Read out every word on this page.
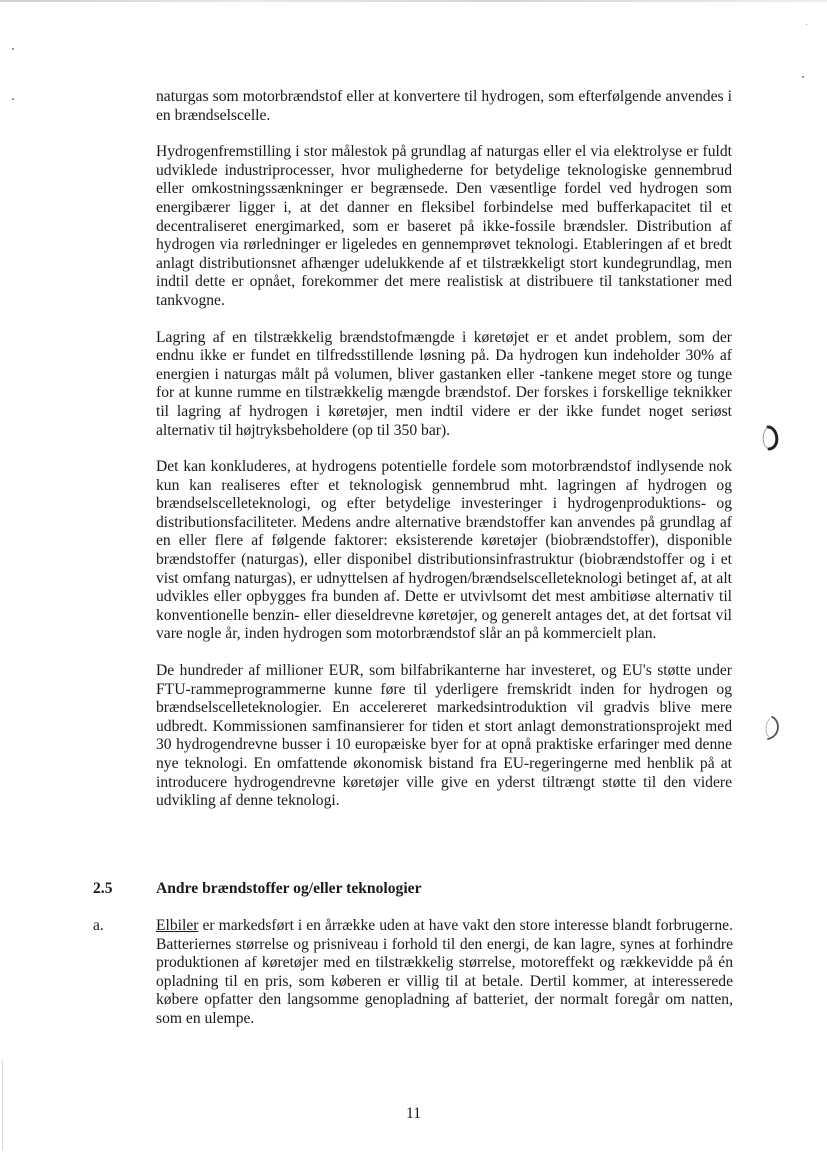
naturgas som motorbrændstof eller at konvertere til hydrogen, som efterfølgende anvendes i en brændselscelle.

Hydrogenfremstilling i stor målestok på grundlag af naturgas eller el via elektrolyse er fuldt udviklede industriprocesser, hvor mulighederne for betydelige teknologiske gennembrud eller omkostningssænkninger er begrænsede. Den væsentlige fordel ved hydrogen som energibærer ligger i, at det danner en fleksibel forbindelse med bufferkapacitet til et decentraliseret energimarked, som er baseret på ikke-fossile brændsler. Distribution af hydrogen via rørledninger er ligeledes en gennemprøvet teknologi. Etableringen af et bredt anlagt distributionsnet afhænger udelukkende af et tilstrækkeligt stort kundegrundlag, men indtil dette er opnået, forekommer det mere realistisk at distribuere til tankstationer med tankvogne.

Lagring af en tilstrækkelig brændstofmængde i køretøjet er et andet problem, som der endnu ikke er fundet en tilfredsstillende løsning på. Da hydrogen kun indeholder 30% af energien i naturgas målt på volumen, bliver gastanken eller -tankene meget store og tunge for at kunne rumme en tilstrækkelig mængde brændstof. Der forskes i forskellige teknikker til lagring af hydrogen i køretøjer, men indtil videre er der ikke fundet noget seriøst alternativ til højtryksbeholdere (op til 350 bar).

Det kan konkluderes, at hydrogens potentielle fordele som motorbrændstof indlysende nok kun kan realiseres efter et teknologisk gennembrud mht. lagringen af hydrogen og brændselscelleteknologi, og efter betydelige investeringer i hydrogenproduktions- og distributionsfaciliteter. Medens andre alternative brændstoffer kan anvendes på grundlag af en eller flere af følgende faktorer: eksisterende køretøjer (biobrændstoffer), disponible brændstoffer (naturgas), eller disponibel distributionsinfrastruktur (biobrændstoffer og i et vist omfang naturgas), er udnyttelsen af hydrogen/brændselscelleteknologi betinget af, at alt udvikles eller opbygges fra bunden af. Dette er utvivlsomt det mest ambitiøse alternativ til konventionelle benzin- eller dieseldrevne køretøjer, og generelt antages det, at det fortsat vil vare nogle år, inden hydrogen som motorbrændstof slår an på kommercielt plan.

De hundreder af millioner EUR, som bilfabrikanterne har investeret, og EU's støtte under FTU-rammeprogrammerne kunne føre til yderligere fremskridt inden for hydrogen og brændselscelleteknologier. En accelereret markedsintroduktion vil gradvis blive mere udbredt. Kommissionen samfinansierer for tiden et stort anlagt demonstrationsprojekt med 30 hydrogendrevne busser i 10 europæiske byer for at opnå praktiske erfaringer med denne nye teknologi. En omfattende økonomisk bistand fra EU-regeringerne med henblik på at introducere hydrogendrevne køretøjer ville give en yderst tiltrængt støtte til den videre udvikling af denne teknologi.

2.5	Andre brændstoffer og/eller teknologier
a.	Elbiler er markedsført i en årrække uden at have vakt den store interesse blandt forbrugerne. Batteriernes størrelse og prisniveau i forhold til den energi, de kan lagre, synes at forhindre produktionen af køretøjer med en tilstrækkelig størrelse, motoreffekt og rækkevidde på én opladning til en pris, som køberen er villig til at betale. Dertil kommer, at interesserede købere opfatter den langsomme genopladning af batteriet, der normalt foregår om natten, som en ulempe.
11
